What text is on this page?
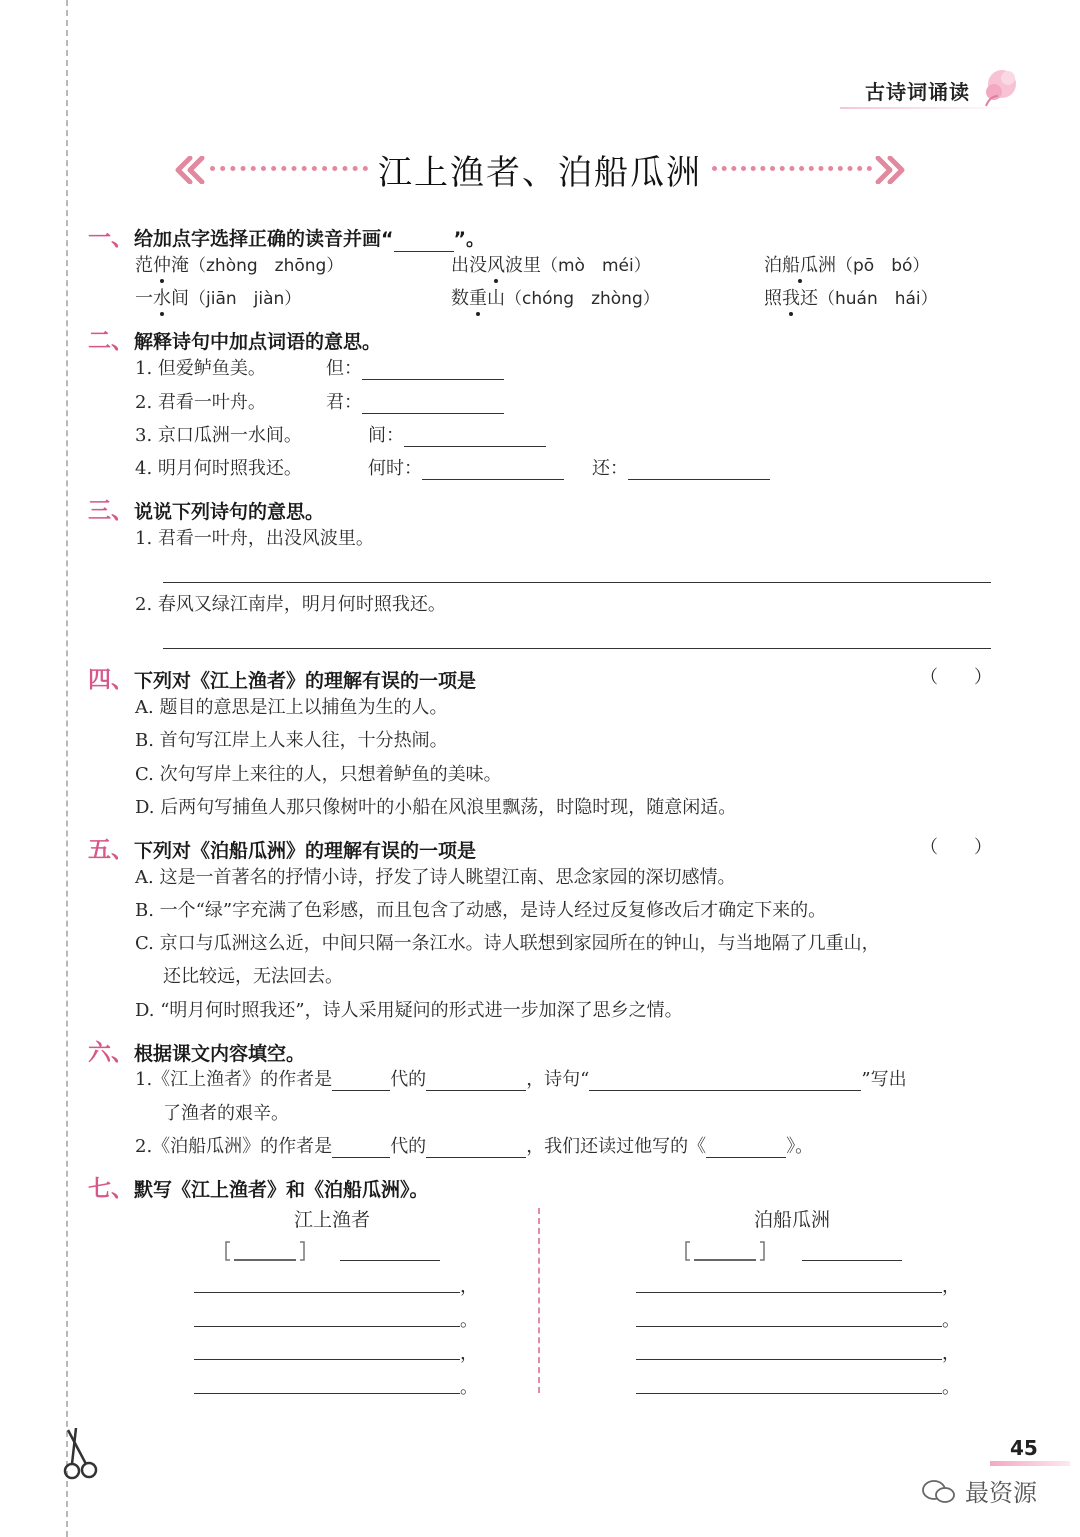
古诗词诵读
江上渔者、泊船瓜洲
一、给加点字选择正确的读音并画“	”。
范仲淹（zhòng　zhōng）	出没风波里（mò　méi）	泊船瓜洲（pō　bó）
一水间（jiān　jiàn）	数重山（chóng　zhòng）	照我还（huán　hái）
二、解释诗句中加点词语的意思。
1. 但爱鲈鱼美。	但：
2. 君看一叶舟。	君：
3. 京口瓜洲一水间。	间：
4. 明月何时照我还。	何时：	还：
三、说说下列诗句的意思。
1. 君看一叶舟，出没风波里。
2. 春风又绿江南岸，明月何时照我还。
四、下列对《江上渔者》的理解有误的一项是	（　　）
A. 题目的意思是江上以捕鱼为生的人。
B. 首句写江岸上人来人往，十分热闹。
C. 次句写岸上来往的人，只想着鲈鱼的美味。
D. 后两句写捕鱼人那只像树叶的小船在风浪里飘荡，时隐时现，随意闲适。
五、下列对《泊船瓜洲》的理解有误的一项是	（　　）
A. 这是一首著名的抒情小诗，抒发了诗人眺望江南、思念家园的深切感情。
B. 一个“绿”字充满了色彩感，而且包含了动感，是诗人经过反复修改后才确定下来的。
C. 京口与瓜洲这么近，中间只隔一条江水。诗人联想到家园所在的钟山，与当地隔了几重山，
还比较远，无法回去。
D. “明月何时照我还”，诗人采用疑问的形式进一步加深了思乡之情。
六、根据课文内容填空。
1.《江上渔者》的作者是	代的	，诗句“	”写出
了渔者的艰辛。
2.《泊船瓜洲》的作者是	代的	，我们还读过他写的《	》。
七、默写《江上渔者》和《泊船瓜洲》。
江上渔者	泊船瓜洲
，
。
，
。
，
。
，
。
45
最资源
